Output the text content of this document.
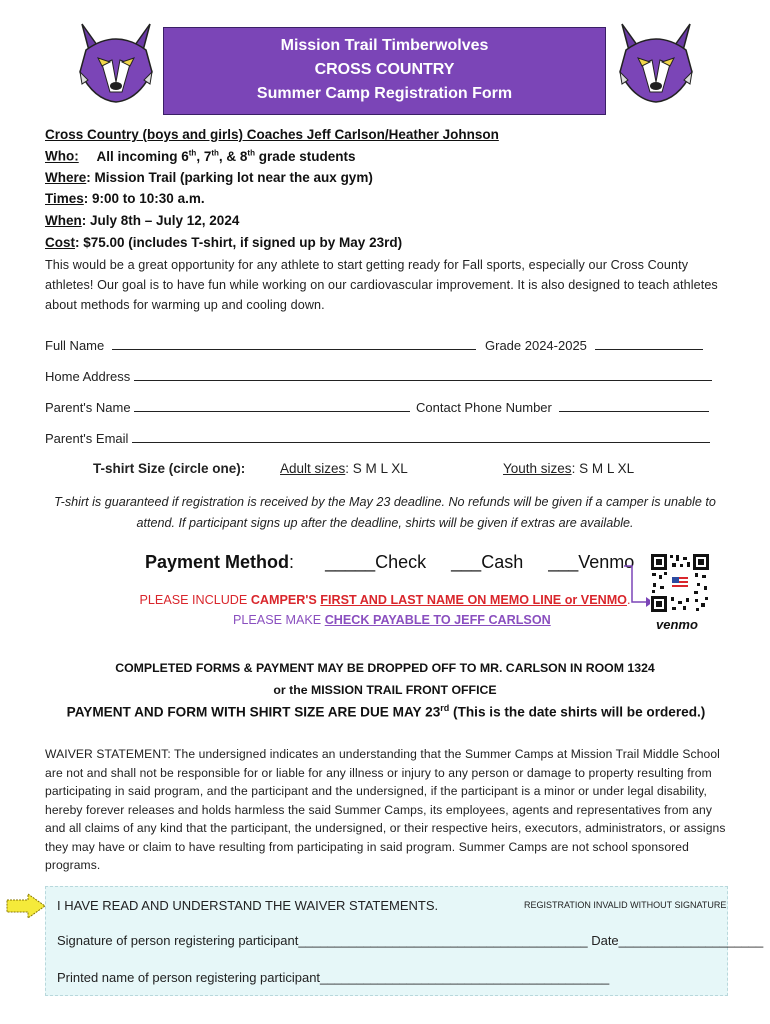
Mission Trail Timberwolves
CROSS COUNTRY
Summer Camp Registration Form
Cross Country (boys and girls) Coaches Jeff Carlson/Heather Johnson
Who: All incoming 6th, 7th, & 8th grade students
Where: Mission Trail (parking lot near the aux gym)
Times: 9:00 to 10:30 a.m.
When: July 8th – July 12, 2024
Cost: $75.00 (includes T-shirt, if signed up by May 23rd)
This would be a great opportunity for any athlete to start getting ready for Fall sports, especially our Cross County athletes! Our goal is to have fun while working on our cardiovascular improvement. It is also designed to teach athletes about methods for warming up and cooling down.
Full Name	Grade 2024-2025
Home Address
Parent's Name	Contact Phone Number
Parent's Email
T-shirt Size (circle one):	Adult sizes: S M L XL	Youth sizes: S M L XL
T-shirt is guaranteed if registration is received by the May 23 deadline. No refunds will be given if a camper is unable to attend. If participant signs up after the deadline, shirts will be given if extras are available.
Payment Method: _____Check ___Cash ___Venmo
venmo
PLEASE INCLUDE CAMPER'S FIRST AND LAST NAME ON MEMO LINE or VENMO.
PLEASE MAKE CHECK PAYABLE TO JEFF CARLSON
COMPLETED FORMS & PAYMENT MAY BE DROPPED OFF TO MR. CARLSON IN ROOM 1324
or the MISSION TRAIL FRONT OFFICE
PAYMENT AND FORM WITH SHIRT SIZE ARE DUE MAY 23rd (This is the date shirts will be ordered.)
WAIVER STATEMENT: The undersigned indicates an understanding that the Summer Camps at Mission Trail Middle School are not and shall not be responsible for or liable for any illness or injury to any person or damage to property resulting from participating in said program, and the participant and the undersigned, if the participant is a minor or under legal disability, hereby forever releases and holds harmless the said Summer Camps, its employees, agents and representatives from any and all claims of any kind that the participant, the undersigned, or their respective heirs, executors, administrators, or assigns they may have or claim to have resulting from participating in said program. Summer Camps are not school sponsored programs.
I HAVE READ AND UNDERSTAND THE WAIVER STATEMENTS.	REGISTRATION INVALID WITHOUT SIGNATURE
Signature of person registering participant________________________________________ Date____________________
Printed name of person registering participant________________________________________
